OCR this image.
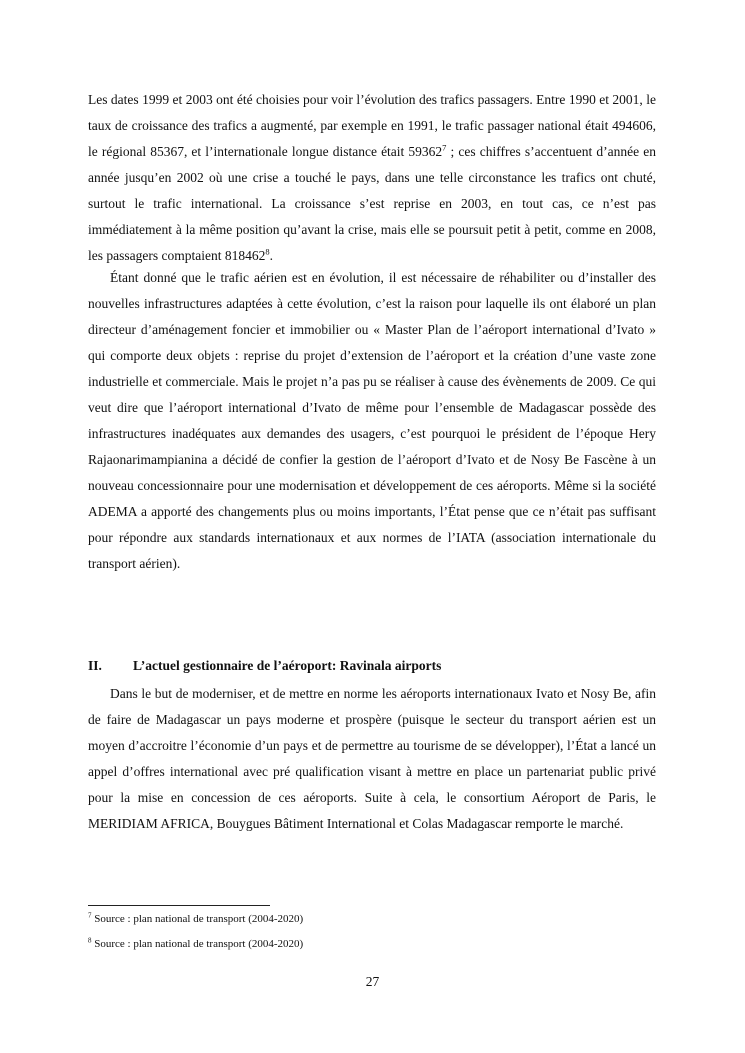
Les dates 1999 et 2003 ont été choisies pour voir l’évolution des trafics passagers. Entre 1990 et 2001, le taux de croissance des trafics a augmenté, par exemple en 1991, le trafic passager national était 494606, le régional 85367, et l’internationale longue distance était 59362$^7$ ; ces chiffres s’accentuent d’année en année jusqu’en 2002 où une crise a touché le pays, dans une telle circonstance les trafics ont chuté, surtout le trafic international. La croissance s’est reprise en 2003, en tout cas, ce n’est pas immédiatement à la même position qu’avant la crise, mais elle se poursuit petit à petit, comme en 2008, les passagers comptaient 818462$^8$.

Étant donné que le trafic aérien est en évolution, il est nécessaire de réhabiliter ou d’installer des nouvelles infrastructures adaptées à cette évolution, c’est la raison pour laquelle ils ont élaboré un plan directeur d’aménagement foncier et immobilier ou « Master Plan de l’aéroport international d’Ivato » qui comporte deux objets : reprise du projet d’extension de l’aéroport et la création d’une vaste zone industrielle et commerciale. Mais le projet n’a pas pu se réaliser à cause des évènements de 2009. Ce qui veut dire que l’aéroport international d’Ivato de même pour l’ensemble de Madagascar possède des infrastructures inadéquates aux demandes des usagers, c’est pourquoi le président de l’époque Hery Rajaonarimampianina a décidé de confier la gestion de l’aéroport d’Ivato et de Nosy Be Fascène à un nouveau concessionnaire pour une modernisation et développement de ces aéroports. Même si la société ADEMA a apporté des changements plus ou moins importants, l’État pense que ce n’était pas suffisant pour répondre aux standards internationaux et aux normes de l’IATA (association internationale du transport aérien).

II. L’actuel gestionnaire de l’aéroport: Ravinala airports

Dans le but de moderniser, et de mettre en norme les aéroports internationaux Ivato et Nosy Be, afin de faire de Madagascar un pays moderne et prospère (puisque le secteur du transport aérien est un moyen d’accroitre l’économie d’un pays et de permettre au tourisme de se développer), l’État a lancé un appel d’offres international avec pré qualification visant à mettre en place un partenariat public privé pour la mise en concession de ces aéroports. Suite à cela, le consortium Aéroport de Paris, le MERIDIAM AFRICA, Bouygues Bâtiment International et Colas Madagascar remporte le marché.

$^7$ Source : plan national de transport (2004-2020)

$^8$ Source : plan national de transport (2004-2020)

27
